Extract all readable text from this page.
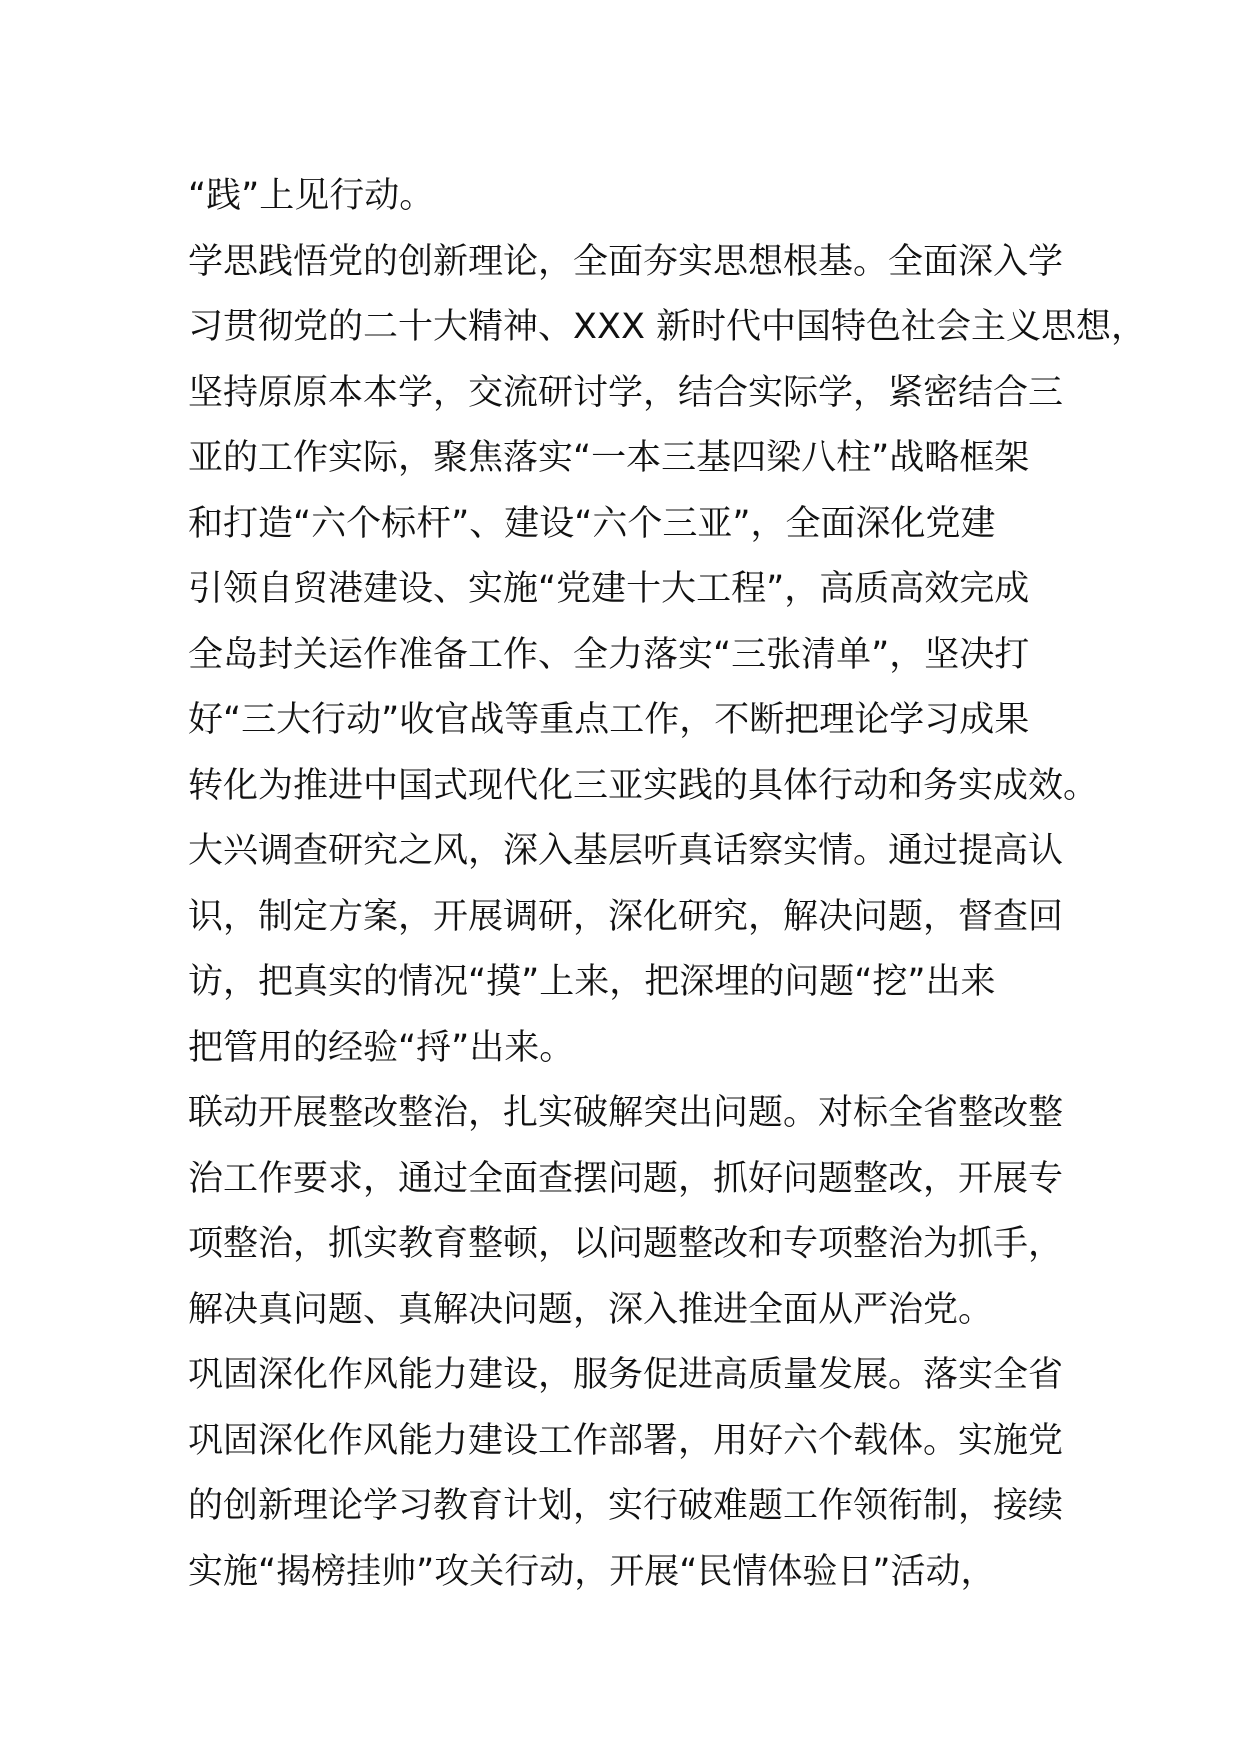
“践”上见行动。
学思践悟党的创新理论，全面夯实思想根基。全面深入学
习贯彻党的二十大精神、XXX 新时代中国特色社会主义思想，
坚持原原本本学，交流研讨学，结合实际学，紧密结合三
亚的工作实际，聚焦落实“一本三基四梁八柱”战略框架
和打造“六个标杆”、建设“六个三亚”，全面深化党建
引领自贸港建设、实施“党建十大工程”，高质高效完成
全岛封关运作准备工作、全力落实“三张清单”，坚决打
好“三大行动”收官战等重点工作，不断把理论学习成果
转化为推进中国式现代化三亚实践的具体行动和务实成效。
大兴调查研究之风，深入基层听真话察实情。通过提高认
识，制定方案，开展调研，深化研究，解决问题，督查回
访，把真实的情况“摸”上来，把深埋的问题“挖”出来
把管用的经验“捋”出来。
联动开展整改整治，扎实破解突出问题。对标全省整改整
治工作要求，通过全面查摆问题，抓好问题整改，开展专
项整治，抓实教育整顿，以问题整改和专项整治为抓手，
解决真问题、真解决问题，深入推进全面从严治党。
巩固深化作风能力建设，服务促进高质量发展。落实全省
巩固深化作风能力建设工作部署，用好六个载体。实施党
的创新理论学习教育计划，实行破难题工作领衔制，接续
实施“揭榜挂帅”攻关行动，开展“民情体验日”活动，
